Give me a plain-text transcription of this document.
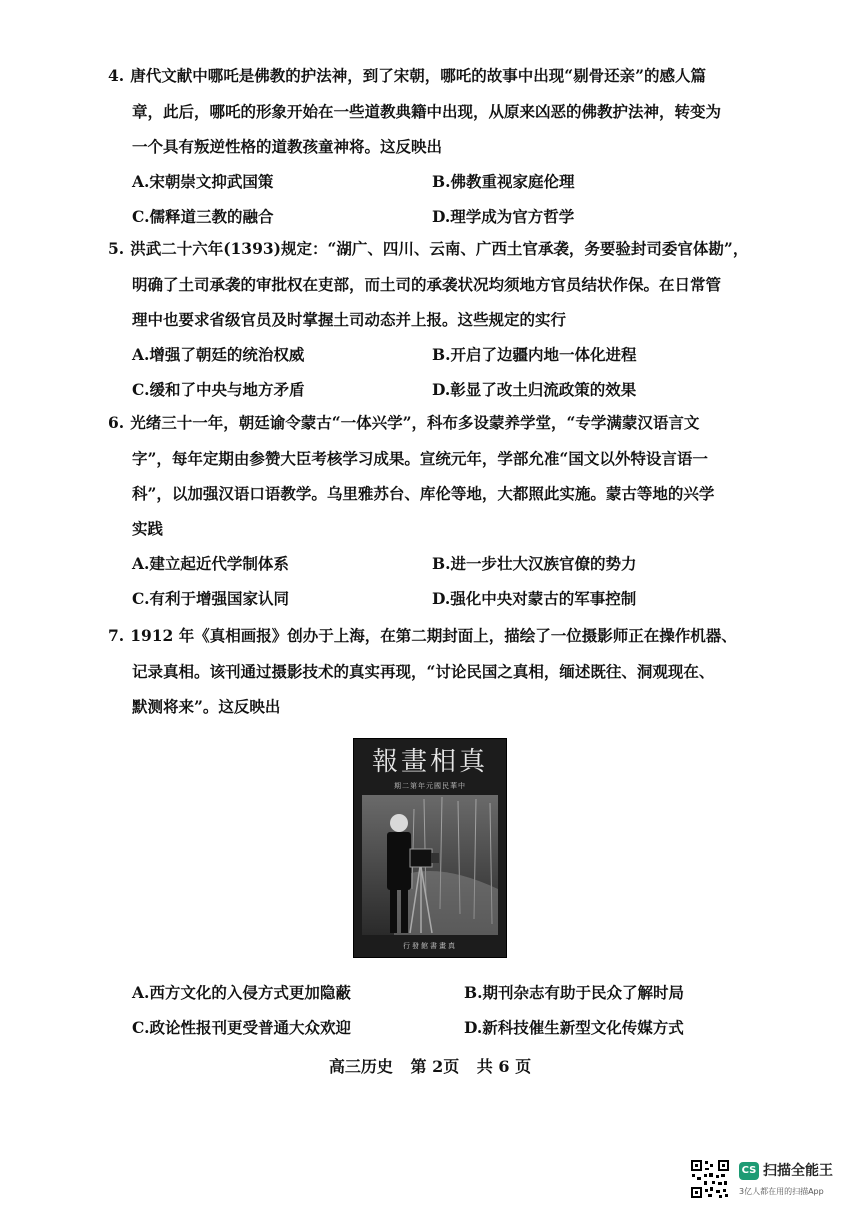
4. 唐代文献中哪吒是佛教的护法神，到了宋朝，哪吒的故事中出现“剔骨还亲”的感人篇
章，此后，哪吒的形象开始在一些道教典籍中出现，从原来凶恶的佛教护法神，转变为
一个具有叛逆性格的道教孩童神将。这反映出
A.宋朝崇文抑武国策	B.佛教重视家庭伦理
C.儒释道三教的融合	D.理学成为官方哲学
5. 洪武二十六年(1393)规定：“湖广、四川、云南、广西土官承袭，务要验封司委官体勘”，
明确了土司承袭的审批权在吏部，而土司的承袭状况均须地方官员结状作保。在日常管
理中也要求省级官员及时掌握土司动态并上报。这些规定的实行
A.增强了朝廷的统治权威	B.开启了边疆内地一体化进程
C.缓和了中央与地方矛盾	D.彰显了改土归流政策的效果
6. 光绪三十一年，朝廷谕令蒙古“一体兴学”，科布多设蒙养学堂，“专学满蒙汉语言文
字”，每年定期由参赞大臣考核学习成果。宣统元年，学部允准“国文以外特设言语一
科”，以加强汉语口语教学。乌里雅苏台、库伦等地，大都照此实施。蒙古等地的兴学
实践
A.建立起近代学制体系	B.进一步壮大汉族官僚的势力
C.有利于增强国家认同	D.强化中央对蒙古的军事控制
7. 1912 年《真相画报》创办于上海，在第二期封面上，描绘了一位摄影师正在操作机器、
记录真相。该刊通过摄影技术的真实再现，“讨论民国之真相，缅述既往、洞观现在、
默测将来”。这反映出
報畫相真
期二第年元國民華中
行發館書畫真
A.西方文化的入侵方式更加隐蔽	B.期刊杂志有助于民众了解时局
C.政论性报刊更受普通大众欢迎	D.新科技催生新型文化传媒方式
高三历史 第 2页 共 6 页
CS 扫描全能王
3亿人都在用的扫描App
